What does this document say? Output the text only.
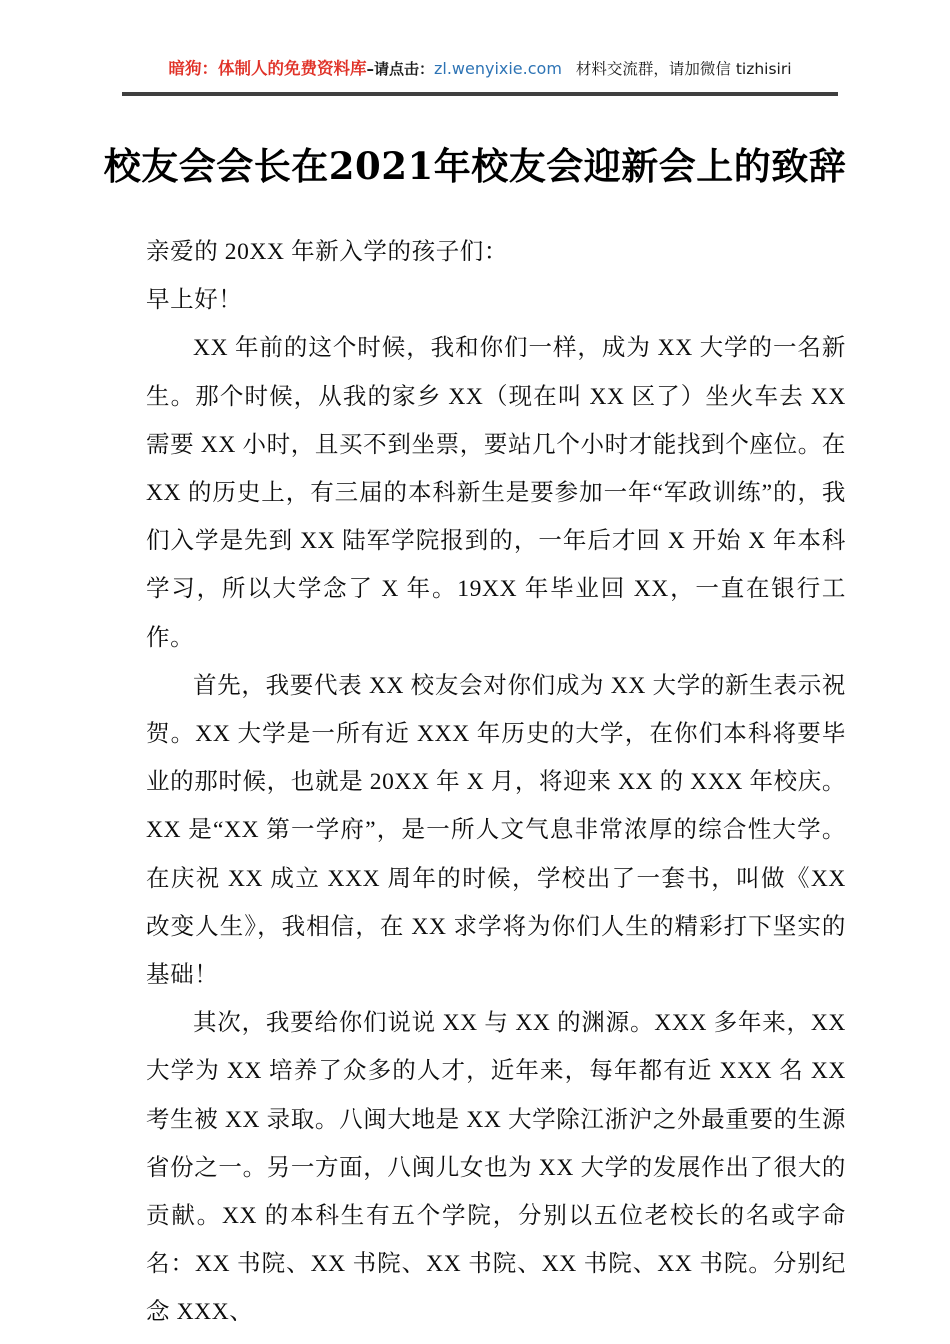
暗狗：体制人的免费资料库–请点击：zl.wenyixie.com 材料交流群，请加微信 tizhisiri
校友会会长在2021年校友会迎新会上的致辞

亲爱的 20XX 年新入学的孩子们：

早上好！

XX 年前的这个时候，我和你们一样，成为 XX 大学的一名新生。那个时候，从我的家乡 XX（现在叫 XX 区了）坐火车去 XX 需要 XX 小时，且买不到坐票，要站几个小时才能找到个座位。在 XX 的历史上，有三届的本科新生是要参加一年“军政训练”的，我们入学是先到 XX 陆军学院报到的，一年后才回 X 开始 X 年本科学习，所以大学念了 X 年。19XX 年毕业回 XX，一直在银行工作。

首先，我要代表 XX 校友会对你们成为 XX 大学的新生表示祝贺。XX 大学是一所有近 XXX 年历史的大学，在你们本科将要毕业的那时候，也就是 20XX 年 X 月，将迎来 XX 的 XXX 年校庆。XX 是“XX 第一学府”，是一所人文气息非常浓厚的综合性大学。在庆祝 XX 成立 XXX 周年的时候，学校出了一套书，叫做《XX 改变人生》，我相信，在 XX 求学将为你们人生的精彩打下坚实的基础！

其次，我要给你们说说 XX 与 XX 的渊源。XXX 多年来，XX 大学为 XX 培养了众多的人才，近年来，每年都有近 XXX 名 XX 考生被 XX 录取。八闽大地是 XX 大学除江浙沪之外最重要的生源省份之一。另一方面，八闽儿女也为 XX 大学的发展作出了很大的贡献。XX 的本科生有五个学院，分别以五位老校长的名或字命名：XX 书院、XX 书院、XX 书院、XX 书院、XX 书院。分别纪念 XXX、
